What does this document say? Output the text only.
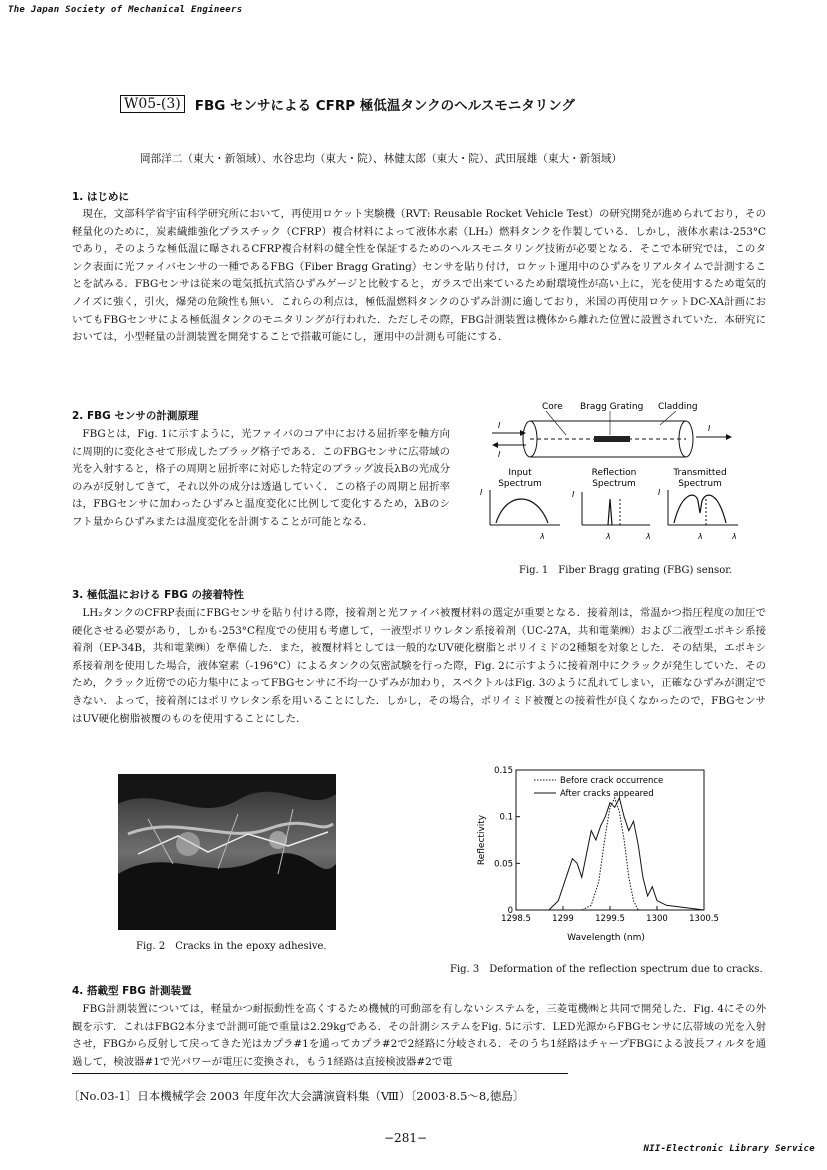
The Japan Society of Mechanical Engineers
W05-(3) FBG センサによる CFRP 極低温タンクのヘルスモニタリング
岡部洋二（東大・新領域）、水谷忠均（東大・院）、林健太郎（東大・院）、武田展雄（東大・新領域）
1. はじめに

現在，文部科学省宇宙科学研究所において，再使用ロケット実験機（RVT: Reusable Rocket Vehicle Test）の研究開発が進められており，その軽量化のために，炭素繊維強化プラスチック（CFRP）複合材料によって液体水素（LH₂）燃料タンクを作製している．しかし，液体水素は-253°Cであり，そのような極低温に曝されるCFRP複合材料の健全性を保証するためのヘルスモニタリング技術が必要となる．そこで本研究では，このタンク表面に光ファイバセンサの一種であるFBG（Fiber Bragg Grating）センサを貼り付け，ロケット運用中のひずみをリアルタイムで計測することを試みる．FBGセンサは従来の電気抵抗式箔ひずみゲージと比較すると，ガラスで出来ているため耐環境性が高い上に，光を使用するため電気的ノイズに強く，引火，爆発の危険性も無い．これらの利点は，極低温燃料タンクのひずみ計測に適しており，米国の再使用ロケットDC-XA計画においてもFBGセンサによる極低温タンクのモニタリングが行われた．ただしその際，FBG計測装置は機体から離れた位置に設置されていた．本研究においては，小型軽量の計測装置を開発することで搭載可能にし，運用中の計測も可能にする．

2. FBG センサの計測原理

FBGとは，Fig. 1に示すように，光ファイバのコア中における屈折率を軸方向に周期的に変化させて形成したブラッグ格子である．このFBGセンサに広帯域の光を入射すると，格子の周期と屈折率に対応した特定のブラッグ波長λBの光成分のみが反射してきて，それ以外の成分は透過していく．この格子の周期と屈折率は，FBGセンサに加わったひずみと温度変化に比例して変化するため，λBのシフト量からひずみまたは温度変化を計測することが可能となる．

Core Bragg Grating Cladding
I
I
I
Input
Spectrum
Reflection
Spectrum
Transmitted
Spectrum
I	I	I
λ	λ	λ	λ	λ
Fig. 1　Fiber Bragg grating (FBG) sensor.
3. 極低温における FBG の接着特性

LH₂タンクのCFRP表面にFBGセンサを貼り付ける際，接着剤と光ファイバ被覆材料の選定が重要となる．接着剤は，常温かつ指圧程度の加圧で硬化させる必要があり，しかも-253°C程度での使用も考慮して，一液型ポリウレタン系接着剤（UC-27A，共和電業㈱）および二液型エポキシ系接着剤（EP-34B，共和電業㈱）を準備した．また，被覆材料としては一般的なUV硬化樹脂とポリイミドの2種類を対象とした．その結果，エポキシ系接着剤を使用した場合，液体窒素（-196°C）によるタンクの気密試験を行った際，Fig. 2に示すように接着剤中にクラックが発生していた．そのため，クラック近傍での応力集中によってFBGセンサに不均一ひずみが加わり，スペクトルはFig. 3のように乱れてしまい，正確なひずみが測定できない．よって，接着剤にはポリウレタン系を用いることにした．しかし，その場合，ポリイミド被覆との接着性が良くなかったので，FBGセンサはUV硬化樹脂被覆のものを使用することにした．

Fig. 2　Cracks in the epoxy adhesive.
1298.5	1299	1299.5	1300	1300.5
0
0.05
0.1
0.15
Wavelength (nm)
Reflectivity
Before crack occurrence
After cracks appeared
Fig. 3　Deformation of the reflection spectrum due to cracks.
4. 搭載型 FBG 計測装置

FBG計測装置については，軽量かつ耐振動性を高くするため機械的可動部を有しないシステムを，三菱電機㈱と共同で開発した．Fig. 4にその外観を示す．これはFBG2本分まで計測可能で重量は2.29kgである．その計測システムをFig. 5に示す．LED光源からFBGセンサに広帯域の光を入射させ，FBGから反射して戻ってきた光はカプラ#1を通ってカプラ#2で2経路に分岐される．そのうち1経路はチャープFBGによる波長フィルタを通過して，検波器#1で光パワーが電圧に変換され，もう1経路は直接検波器#2で電

〔No.03-1〕日本機械学会 2003 年度年次大会講演資料集（Ⅷ）〔2003·8.5～8,徳島〕
−281−
NII-Electronic Library Service
